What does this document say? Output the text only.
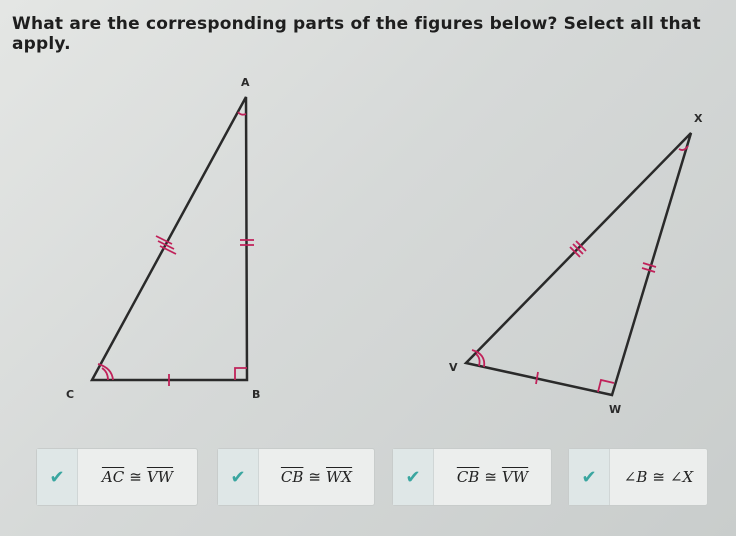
What are the corresponding parts of the figures below? Select all that apply.
A
B
C
X
V
W
✔	$\overline{AC}$ ≅ $\overline{VW}$	✔	$\overline{CB}$ ≅ $\overline{WX}$	✔	$\overline{CB}$ ≅ $\overline{VW}$	✔	∠B ≅ ∠X
